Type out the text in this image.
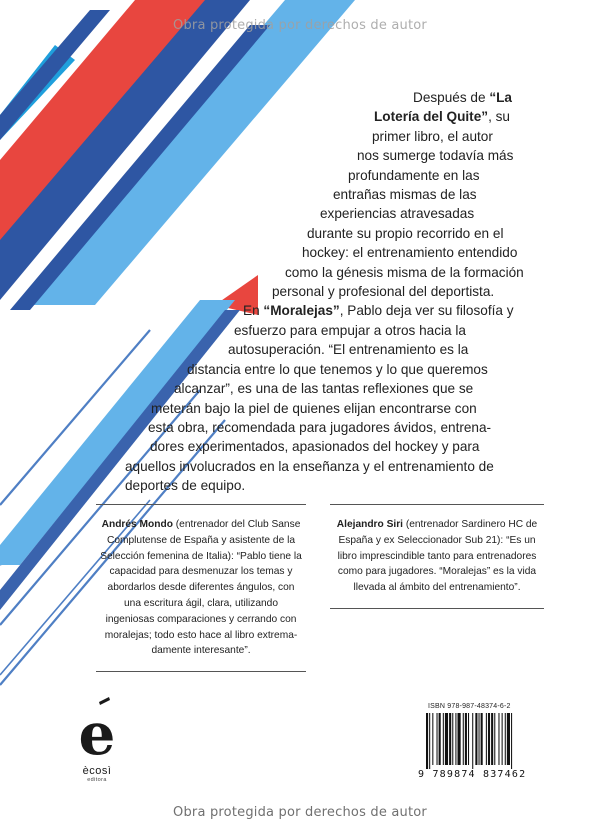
Obra protegida por derechos de autor
Después de “La
Lotería del Quite”, su
primer libro, el autor
nos sumerge todavía más
profundamente en las
entrañas mismas de las
experiencias atravesadas
durante su propio recorrido en el
hockey: el entrenamiento entendido
como la génesis misma de la formación
personal y profesional del deportista.
En “Moralejas”, Pablo deja ver su filosofía y
esfuerzo para empujar a otros hacia la
autosuperación. “El entrenamiento es la
distancia entre lo que tenemos y lo que queremos
alcanzar”, es una de las tantas reflexiones que se
meterán bajo la piel de quienes elijan encontrarse con
esta obra, recomendada para jugadores ávidos, entrena-
dores experimentados, apasionados del hockey y para
aquellos involucrados en la enseñanza y el entrenamiento de
deportes de equipo.
Andrés Mondo (entrenador del Club Sanse
Complutense de España y asistente de la
Selección femenina de Italia): “Pablo tiene la
capacidad para desmenuzar los temas y
abordarlos desde diferentes ángulos, con
una escritura ágil, clara, utilizando
ingeniosas comparaciones y cerrando con
moralejas; todo esto hace al libro extrema-
damente interesante”.
Alejandro Siri (entrenador Sardinero HC de
España y ex Seleccionador Sub 21): “Es un
libro imprescindible tanto para entrenadores
como para jugadores. “Moralejas” es la vida
llevada al ámbito del entrenamiento”.
e
ècosì
editora
ISBN 978-987-48374-6-2
9 789874 837462
Obra protegida por derechos de autor
